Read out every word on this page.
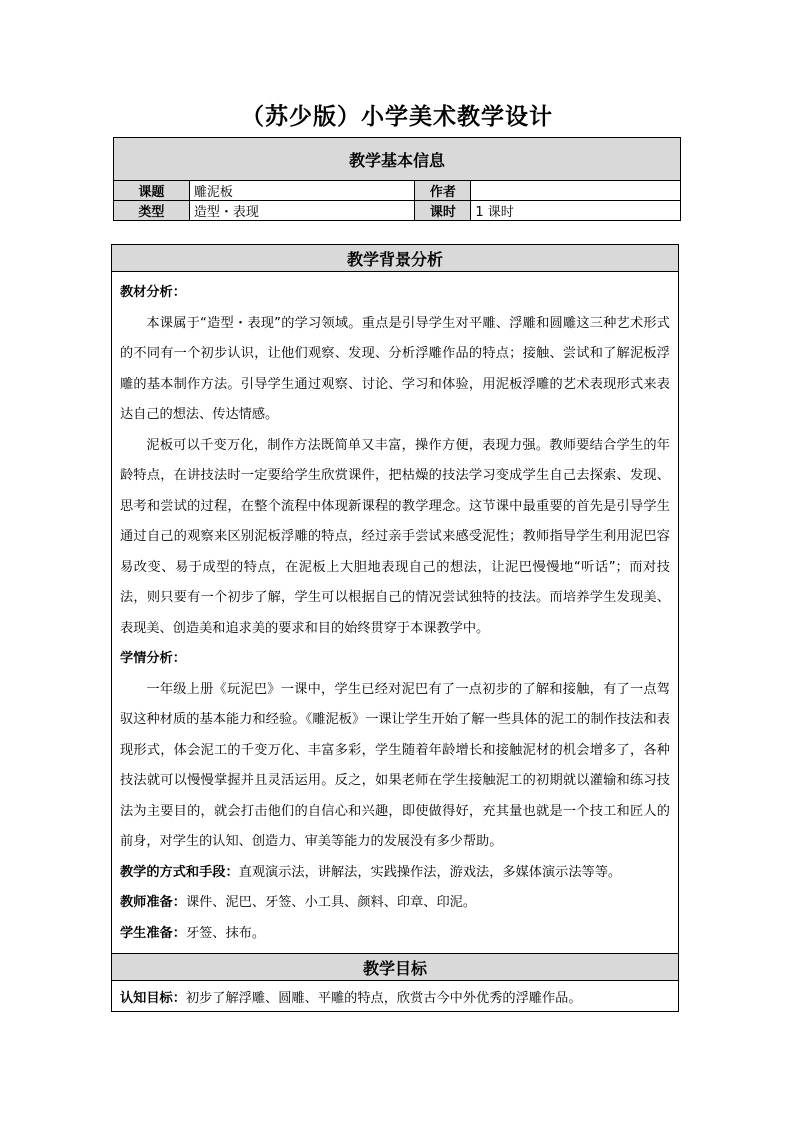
（苏少版）小学美术教学设计
教学基本信息			
课题	雕泥板	作者	
类型	造型・表现	课时	1 课时
教学背景分析

教材分析：

本课属于“造型・表现”的学习领域。重点是引导学生对平雕、浮雕和圆雕这三种艺术形式的不同有一个初步认识，让他们观察、发现、分析浮雕作品的特点；接触、尝试和了解泥板浮雕的基本制作方法。引导学生通过观察、讨论、学习和体验，用泥板浮雕的艺术表现形式来表达自己的想法、传达情感。

泥板可以千变万化，制作方法既简单又丰富，操作方便，表现力强。教师要结合学生的年龄特点，在讲技法时一定要给学生欣赏课件，把枯燥的技法学习变成学生自己去探索、发现、思考和尝试的过程，在整个流程中体现新课程的教学理念。这节课中最重要的首先是引导学生通过自己的观察来区别泥板浮雕的特点，经过亲手尝试来感受泥性；教师指导学生利用泥巴容易改变、易于成型的特点，在泥板上大胆地表现自己的想法，让泥巴慢慢地“听话”；而对技法，则只要有一个初步了解，学生可以根据自己的情况尝试独特的技法。而培养学生发现美、表现美、创造美和追求美的要求和目的始终贯穿于本课教学中。

学情分析：

一年级上册《玩泥巴》一课中，学生已经对泥巴有了一点初步的了解和接触，有了一点驾驭这种材质的基本能力和经验。《雕泥板》一课让学生开始了解一些具体的泥工的制作技法和表现形式，体会泥工的千变万化、丰富多彩，学生随着年龄增长和接触泥材的机会增多了，各种技法就可以慢慢掌握并且灵活运用。反之，如果老师在学生接触泥工的初期就以灌输和练习技法为主要目的，就会打击他们的自信心和兴趣，即使做得好，充其量也就是一个技工和匠人的前身，对学生的认知、创造力、审美等能力的发展没有多少帮助。

教学的方式和手段：直观演示法，讲解法，实践操作法，游戏法，多媒体演示法等等。

教师准备：课件、泥巴、牙签、小工具、颜料、印章、印泥。

学生准备：牙签、抹布。

教学目标
认知目标：初步了解浮雕、圆雕、平雕的特点，欣赏古今中外优秀的浮雕作品。
